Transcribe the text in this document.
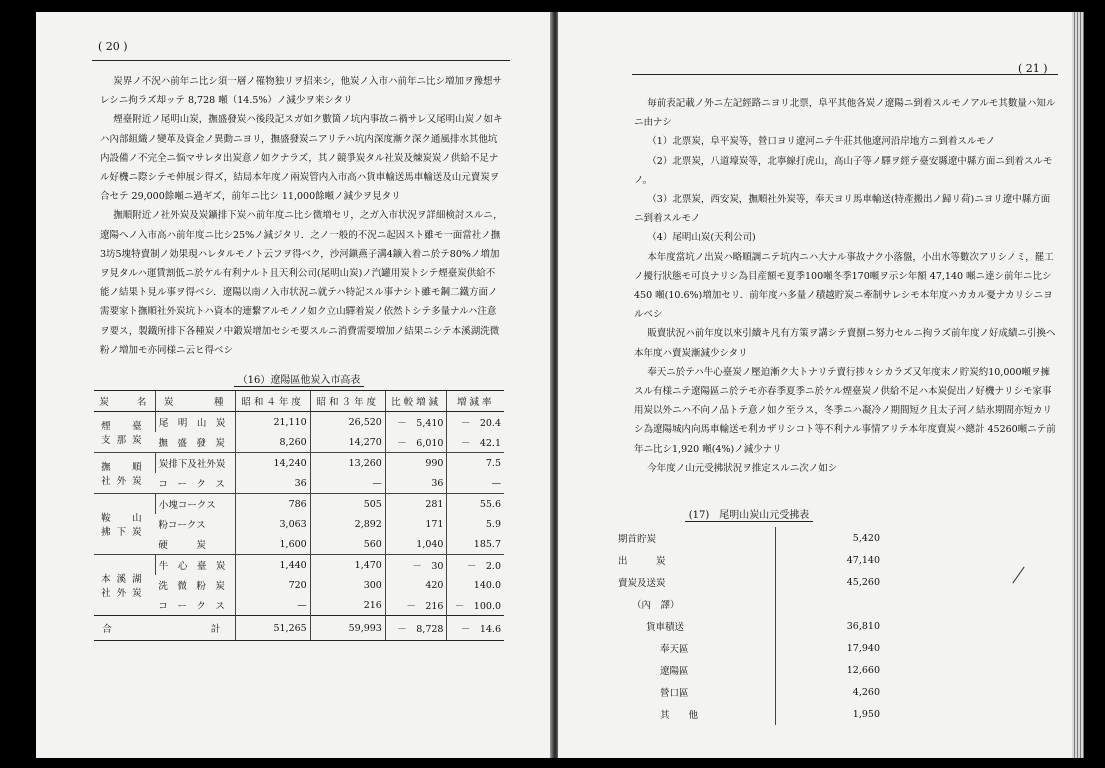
( 20 )

炭界ノ不況ハ前年ニ比シ須一層ノ罹物独リヲ招来シ，他炭ノ入市ハ前年ニ比シ増加ヲ豫想サレシニ拘ラズ却ッテ 8,728 噸（14.5%）ノ減少ヲ来シタリ

煙臺附近ノ尾明山炭，撫盛發炭ハ後段記スガ如ク數箇ノ坑内事故ニ禍サレ又尾明山炭ノ如キハ內部組織ノ變革及資金ノ異動ニヨリ，撫盛發炭ニアリテハ坑内深度漸ク深ク通風排水其他坑内設備ノ不完全ニ悩マサレタ出炭意ノ如クナラズ，其ノ競爭炭タル社炭及煉炭炭ノ供給不足ナル好機ニ際シテモ伸展シ得ズ，結局本年度ノ兩炭管内入市高ハ貨車輸送馬車輸送及山元賣炭ヲ合セテ 29,000餘噸ニ過ギズ，前年ニ比シ 11,000餘噸ノ減少ヲ見タリ

撫順附近ノ社外炭及炭鑛排下炭ハ前年度ニ比シ微増セリ，之ガ入市状況ヲ詳細検討スルニ，遼陽へノ入市高ハ前年度ニ比シ25%ノ減ジタリ．之ノ一般的不況ニ起因スト雖モ一面當社ノ撫3坊5塊特賣制ノ効果現ハレタルモノト云フヲ得ベク，沙河鎭燕子溝4鑛入着ニ於テ80%ノ増加ヲ見タルハ運賃割低ニ於ケル有利ナルト且天利公司(尾明山炭)ノ汽罐用炭トシテ煙臺炭供給不能ノ結果ト見ル事ヲ得ベシ．遼陽以南ノ入市状況ニ就テハ特記スル事ナシト雖モ鋼二鐵方面ノ需要家ト撫順社外炭坑トハ資本的連繋アルモノノ如ク立山驛着炭ノ依然トシテ多量ナルハ注意ヲ要ス，製鐵所排下各種炭ノ中鍛炭增加セシモ要スルニ消費需要増加ノ結果ニシテ本溪湖洗微粉ノ増加モ亦同様ニ云ヒ得ベシ

（16）遼陽區他炭入市高表
炭　　名	炭　　　種	昭和４年度	昭和３年度	比較増減	増減率
煙　臺
支那炭	尾　明　山　炭	21,110	26,520	－　5,410	－　20.4
	撫　盛　發　炭	8,260	14,270	－　6,010	－　42.1
撫　順
社外炭	炭排下及社外炭	14,240	13,260	990	7.5
	コ　ー　ク　ス	36	—	36	—
鞍　山
拂下炭	小塊コークス	786	505	281	55.6
	粉コークス	3,063	2,892	171	5.9
	硬　　　炭	1,600	560	1,040	185.7
本溪湖
社外炭	牛　心　臺　炭	1,440	1,470	－　30	－　2.0
	洗　微　粉　炭	720	300	420	140.0
	コ　ー　ク　ス	—	216	－　216	－　100.0
合　　　　　　計		51,265	59,993	－　8,728	－　14.6
( 21 )

毎前表記載ノ外ニ左記經路ニヨリ北票，阜平其他各炭ノ遼陽ニ到着スルモノアルモ其數量ハ知ルニ由ナシ

（1）北票炭，阜平炭等，營口ヨリ遼河ニテ牛莊其他遼河沿岸地方ニ到着スルモノ

（2）北票炭，八道壕炭等，北寧線打虎山，高山子等ノ驛ヲ經テ臺安縣遼中縣方面ニ到着スルモノ。

（3）北票炭，西安炭，撫順社外炭等，奉天ヨリ馬車輸送(特產搬出ノ歸リ荷)ニヨリ遼中縣方面ニ到着スルモノ

（4）尾明山炭(天利公司)

本年度當坑ノ出炭ハ略順調ニテ坑内ニハ大ナル事故ナク小落盤，小出水等數次アリシノミ，罷工ノ擾行狀態モ可良ナリシ為目産額モ夏季100噸冬季170噸ヲ示シ年額 47,140 噸ニ達シ前年ニ比シ450 噸(10.6%)増加セリ．前年度ハ多量ノ積越貯炭ニ牽制サレシモ本年度ハカカル憂ナカリシニヨルベシ

販賣狀況ハ前年度以來引續キ凡有方策ヲ講シテ賣捌ニ努力セルニ拘ラズ前年度ノ好成績ニ引換ヘ本年度ハ賣炭漸減少シタリ

奉天ニ於テハ牛心臺炭ノ壓迫漸ク大トナリテ賣行捗々シカラズ又年度末ノ貯炭約10,000噸ヲ擁スル有様ニテ遼陽區ニ於テモ亦春季夏季ニ於ケル煙臺炭ノ供給不足ハ本炭促出ノ好機ナリシモ家事用炭以外ニハ不向ノ品トテ意ノ如ク至ラス，冬季ニハ凝冷ノ期間短ク且太子河ノ結氷期間亦短カリシ為遼陽城内向馬車輸送モ利カザリシコト等不利ナル事情アリテ本年度賣炭ハ總計 45260噸ニテ前年ニ比シ1,920 噸(4%)ノ減少ナリ

今年度ノ山元受拂狀況ヲ推定スルニ次ノ如シ

(17)　尾明山炭山元受拂表
期首貯炭	5,420
出　　　炭	47,140
賣炭及送炭	45,260
（內　譯）	
貨車積送	36,810
奉天區	17,940
遼陽區	12,660
營口區	4,260
其　　他	1,950
